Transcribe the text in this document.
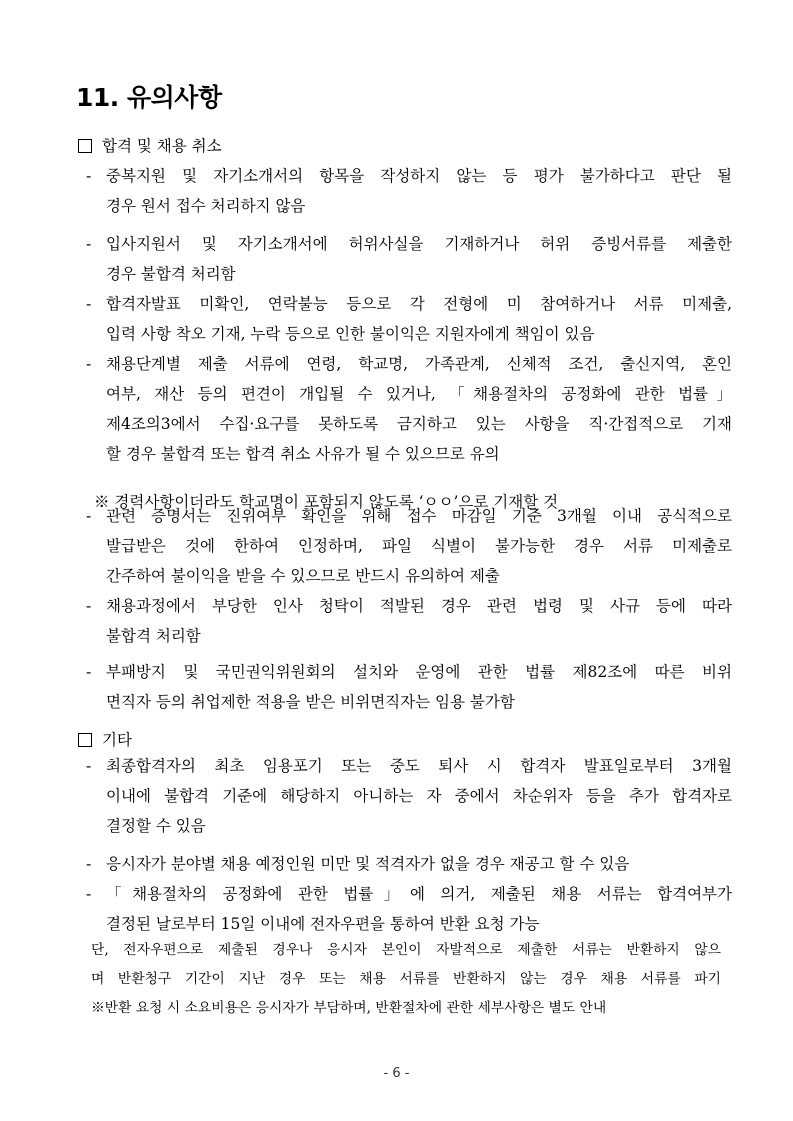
11. 유의사항

합격 및 채용 취소

- 중복지원 및 자기소개서의 항목을 작성하지 않는 등 평가 불가하다고 판단 될
경우 원서 접수 처리하지 않음
- 입사지원서 및 자기소개서에 허위사실을 기재하거나 허위 증빙서류를 제출한
경우 불합격 처리함
- 합격자발표 미확인, 연락불능 등으로 각 전형에 미 참여하거나 서류 미제출,
입력 사항 착오 기재, 누락 등으로 인한 불이익은 지원자에게 책임이 있음
- 채용단계별 제출 서류에 연령, 학교명, 가족관계, 신체적 조건, 출신지역, 혼인
여부, 재산 등의 편견이 개입될 수 있거나, 「채용절차의 공정화에 관한 법률」
제4조의3에서 수집·요구를 못하도록 금지하고 있는 사항을 직·간접적으로 기재
할 경우 불합격 또는 합격 취소 사유가 될 수 있으므로 유의

※ 경력사항이더라도 학교명이 포함되지 않도록 ‘ㅇㅇ’으로 기재할 것

- 관련 증명서는 진위여부 확인을 위해 접수 마감일 기준 3개월 이내 공식적으로
발급받은 것에 한하여 인정하며, 파일 식별이 불가능한 경우 서류 미제출로
간주하여 불이익을 받을 수 있으므로 반드시 유의하여 제출
- 채용과정에서 부당한 인사 청탁이 적발된 경우 관련 법령 및 사규 등에 따라
불합격 처리함
- 부패방지 및 국민권익위원회의 설치와 운영에 관한 법률 제82조에 따른 비위
면직자 등의 취업제한 적용을 받은 비위면직자는 임용 불가함

기타

- 최종합격자의 최초 임용포기 또는 중도 퇴사 시 합격자 발표일로부터 3개월
이내에 불합격 기준에 해당하지 아니하는 자 중에서 차순위자 등을 추가 합격자로
결정할 수 있음
- 응시자가 분야별 채용 예정인원 미만 및 적격자가 없을 경우 재공고 할 수 있음
- 「채용절차의 공정화에 관한 법률」에 의거, 제출된 채용 서류는 합격여부가
결정된 날로부터 15일 이내에 전자우편을 통하여 반환 요청 가능
단, 전자우편으로 제출된 경우나 응시자 본인이 자발적으로 제출한 서류는 반환하지 않으
며 반환청구 기간이 지난 경우 또는 채용 서류를 반환하지 않는 경우 채용 서류를 파기
※반환 요청 시 소요비용은 응시자가 부담하며, 반환절차에 관한 세부사항은 별도 안내
- 6 -
